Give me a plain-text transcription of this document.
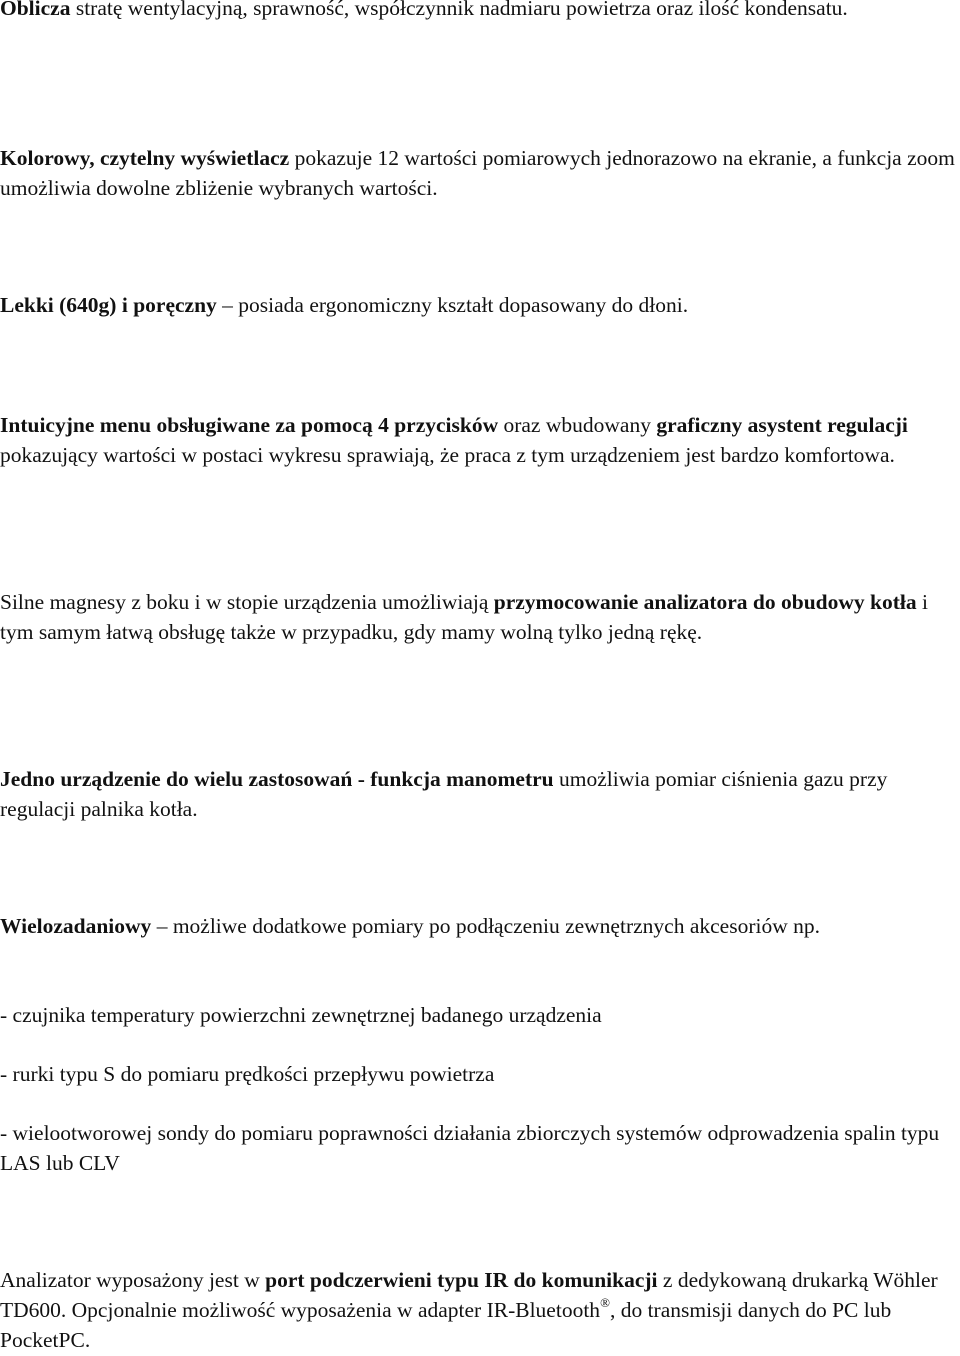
Oblicza stratę wentylacyjną, sprawność, współczynnik nadmiaru powietrza oraz ilość kondensatu.

Kolorowy, czytelny wyświetlacz pokazuje 12 wartości pomiarowych jednorazowo na ekranie, a funkcja zoom umożliwia dowolne zbliżenie wybranych wartości.

Lekki (640g) i poręczny – posiada ergonomiczny kształt dopasowany do dłoni.

Intuicyjne menu obsługiwane za pomocą 4 przycisków oraz wbudowany graficzny asystent regulacji pokazujący wartości w postaci wykresu sprawiają, że praca z tym urządzeniem jest bardzo komfortowa.

Silne magnesy z boku i w stopie urządzenia umożliwiają przymocowanie analizatora do obudowy kotła i tym samym łatwą obsługę także w przypadku, gdy mamy wolną tylko jedną rękę.

Jedno urządzenie do wielu zastosowań - funkcja manometru umożliwia pomiar ciśnienia gazu przy regulacji palnika kotła.

Wielozadaniowy – możliwe dodatkowe pomiary po podłączeniu zewnętrznych akcesoriów np.

- czujnika temperatury powierzchni zewnętrznej badanego urządzenia

- rurki typu S do pomiaru prędkości przepływu powietrza

- wielootworowej sondy do pomiaru poprawności działania zbiorczych systemów odprowadzenia spalin typu LAS lub CLV

Analizator wyposażony jest w port podczerwieni typu IR do komunikacji z dedykowaną drukarką Wöhler TD600. Opcjonalnie możliwość wyposażenia w adapter IR-Bluetooth®, do transmisji danych do PC lub PocketPC.
